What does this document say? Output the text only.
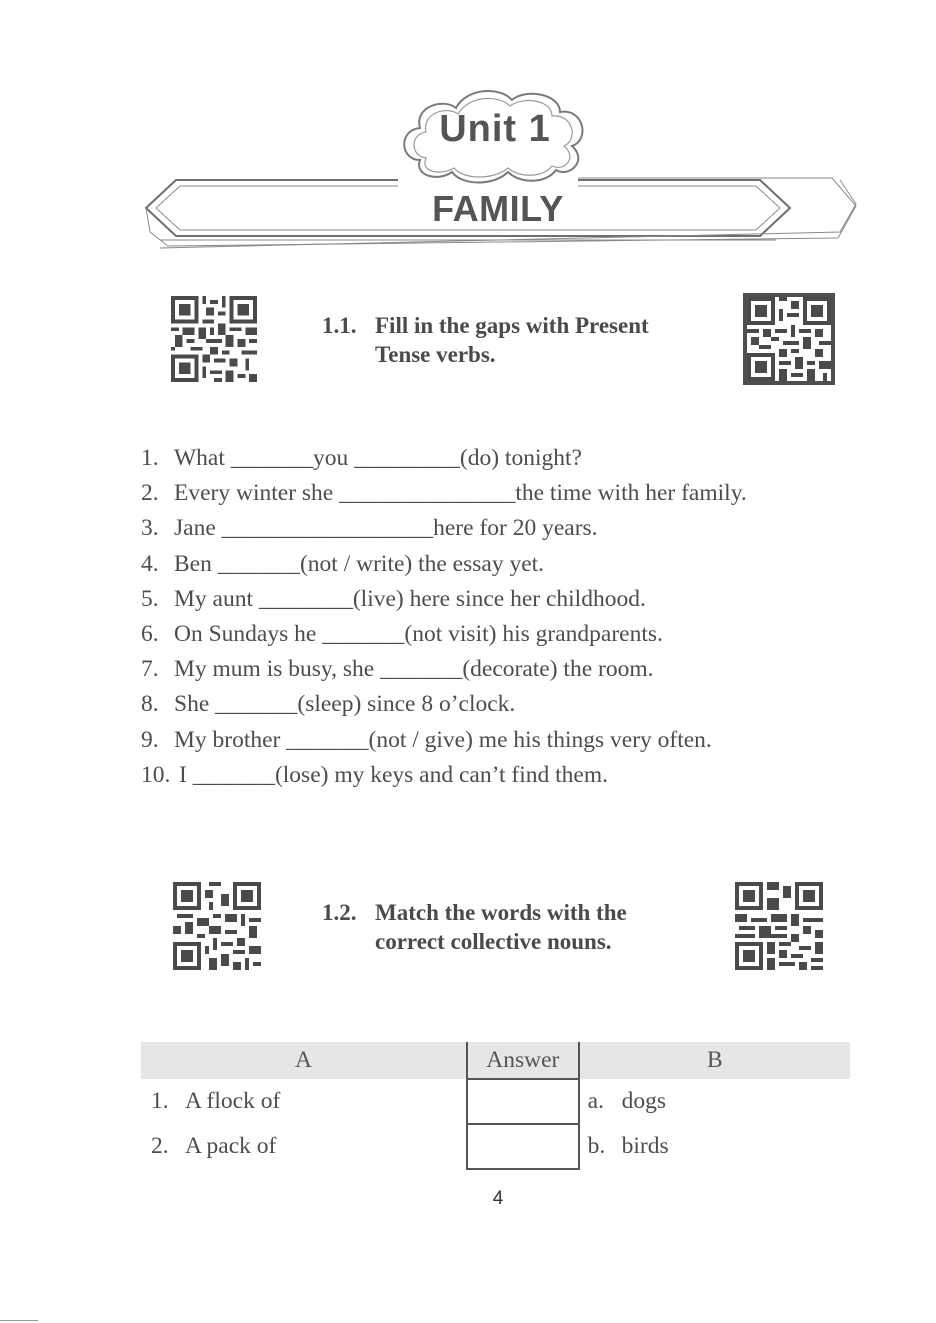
Unit 1
FAMILY
1.1. Fill in the gaps with Present
Tense verbs.
1. What _______you _________(do) tonight?
2. Every winter she _______________the time with her family.
3. Jane __________________here for 20 years.
4. Ben _______(not / write) the essay yet.
5. My aunt ________(live) here since her childhood.
6. On Sundays he _______(not visit) his grandparents.
7. My mum is busy, she _______(decorate) the room.
8. She _______(sleep) since 8 o’clock.
9. My brother _______(not / give) me his things very often.
10. I _______(lose) my keys and can’t find them.
1.2. Match the words with the
correct collective nouns.
A	Answer	B
1. A flock of		a. dogs
2. A pack of		b. birds
4
